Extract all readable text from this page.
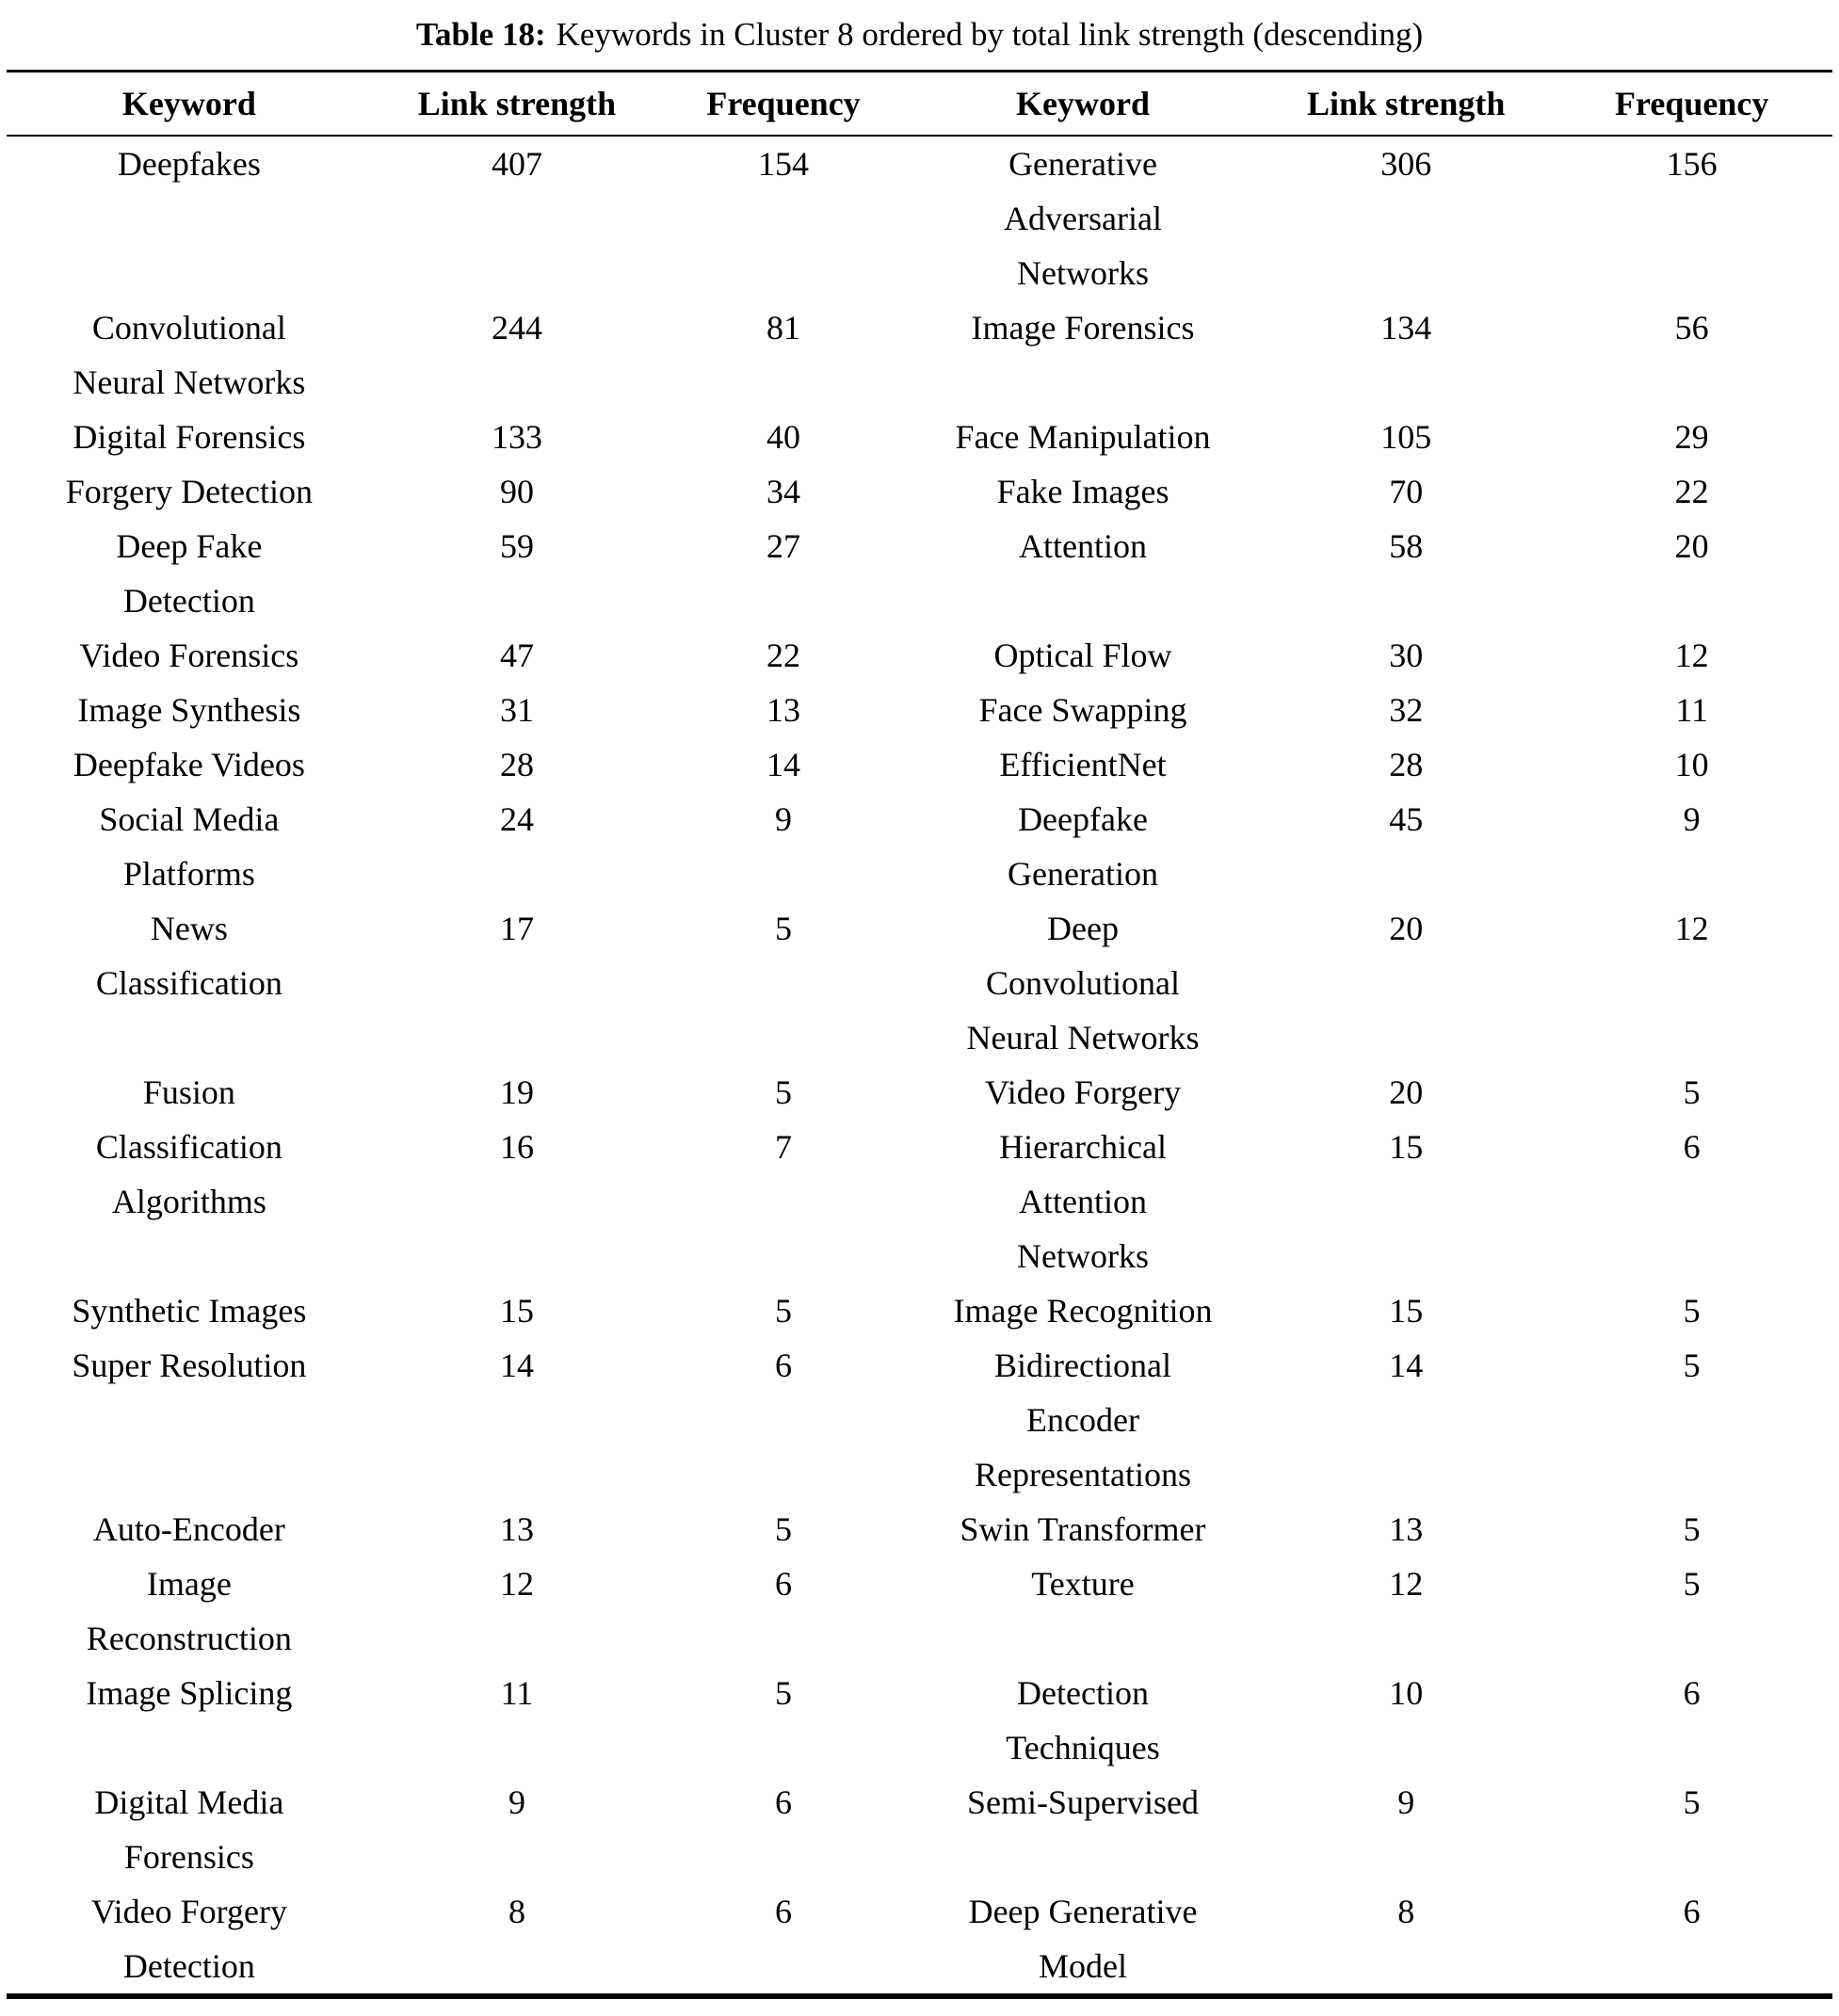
Table 18: Keywords in Cluster 8 ordered by total link strength (descending)
Keyword	Link strength	Frequency	Keyword	Link strength	Frequency

Deepfakes	407	154	Generative Adversarial Networks	306	156

Convolutional Neural Networks	244	81	Image Forensics	134	56

Digital Forensics	133	40	Face Manipulation	105	29

Forgery Detection	90	34	Fake Images	70	22

Deep Fake Detection	59	27	Attention	58	20

Video Forensics	47	22	Optical Flow	30	12

Image Synthesis	31	13	Face Swapping	32	11

Deepfake Videos	28	14	EfficientNet	28	10

Social Media Platforms	24	9	Deepfake Generation	45	9

News Classification	17	5	Deep Convolutional Neural Networks	20	12

Fusion	19	5	Video Forgery	20	5

Classification Algorithms	16	7	Hierarchical Attention Networks	15	6

Synthetic Images	15	5	Image Recognition	15	5

Super Resolution	14	6	Bidirectional Encoder Representations	14	5

Auto-Encoder	13	5	Swin Transformer	13	5

Image Reconstruction	12	6	Texture	12	5

Image Splicing	11	5	Detection Techniques	10	6

Digital Media Forensics	9	6	Semi-Supervised	9	5

Video Forgery Detection	8	6	Deep Generative Model	8	6
